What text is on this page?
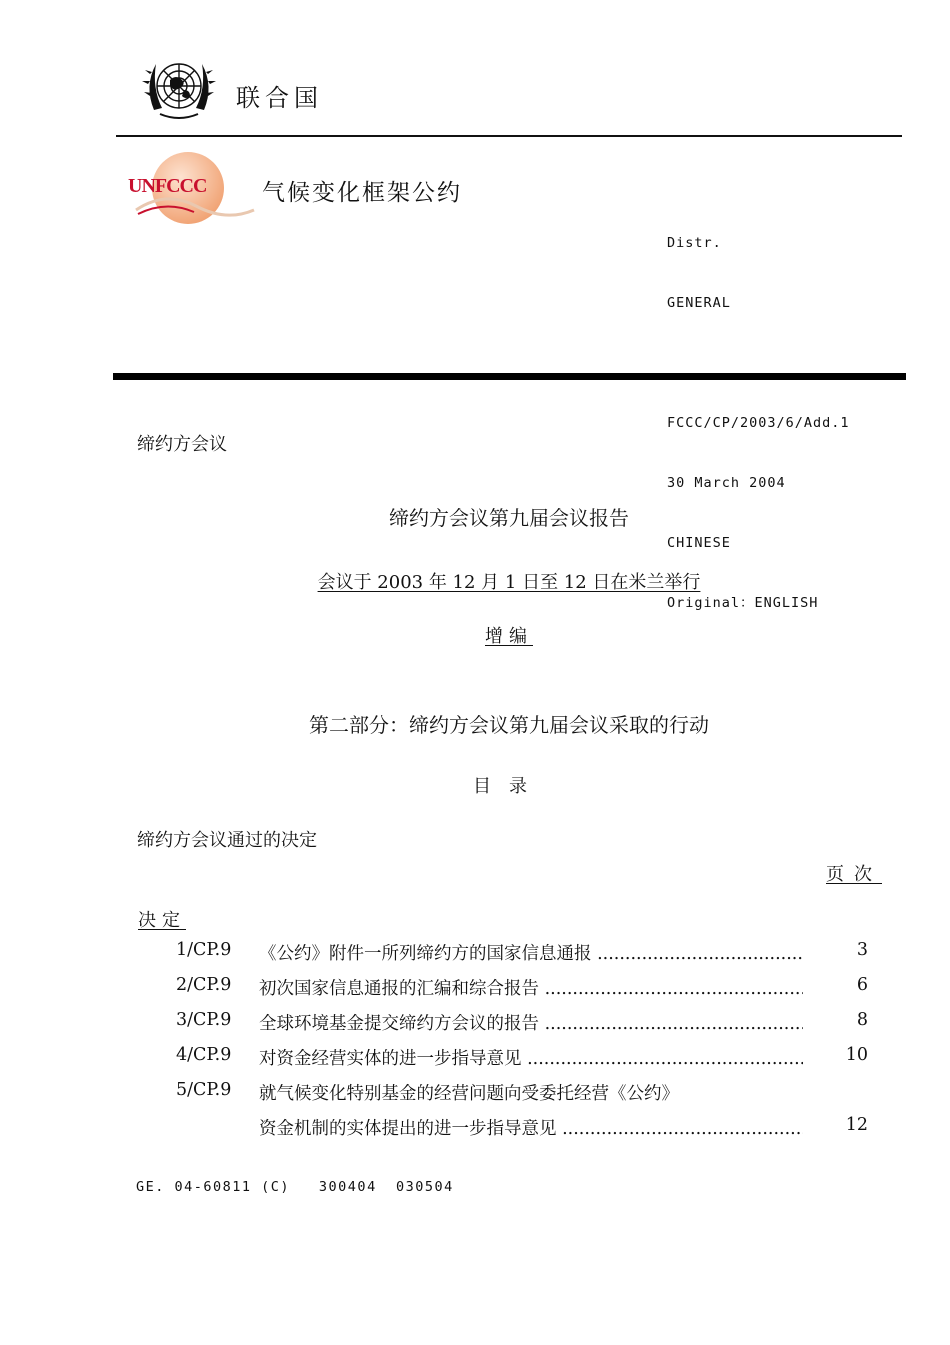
联合国
UNFCCC 气候变化框架公约

Distr.

GENERAL

FCCC/CP/2003/6/Add.1

30 March 2004

CHINESE

Original：ENGLISH

缔约方会议
缔约方会议第九届会议报告
会议于 2003 年 12 月 1 日至 12 日在米兰举行
增编
第二部分：缔约方会议第九届会议采取的行动
目录
缔约方会议通过的决定
页次
决定
1/CP.9 《公约》附件一所列缔约方的国家信息通报 .....	3
2/CP.9 初次国家信息通报的汇编和综合报告 .....	6
3/CP.9 全球环境基金提交缔约方会议的报告 .....	8
4/CP.9 对资金经营实体的进一步指导意见 .....	10
5/CP.9 就气候变化特别基金的经营问题向受委托经营《公约》
资金机制的实体提出的进一步指导意见 .....	12
GE. 04-60811 (C)   300404  030504
